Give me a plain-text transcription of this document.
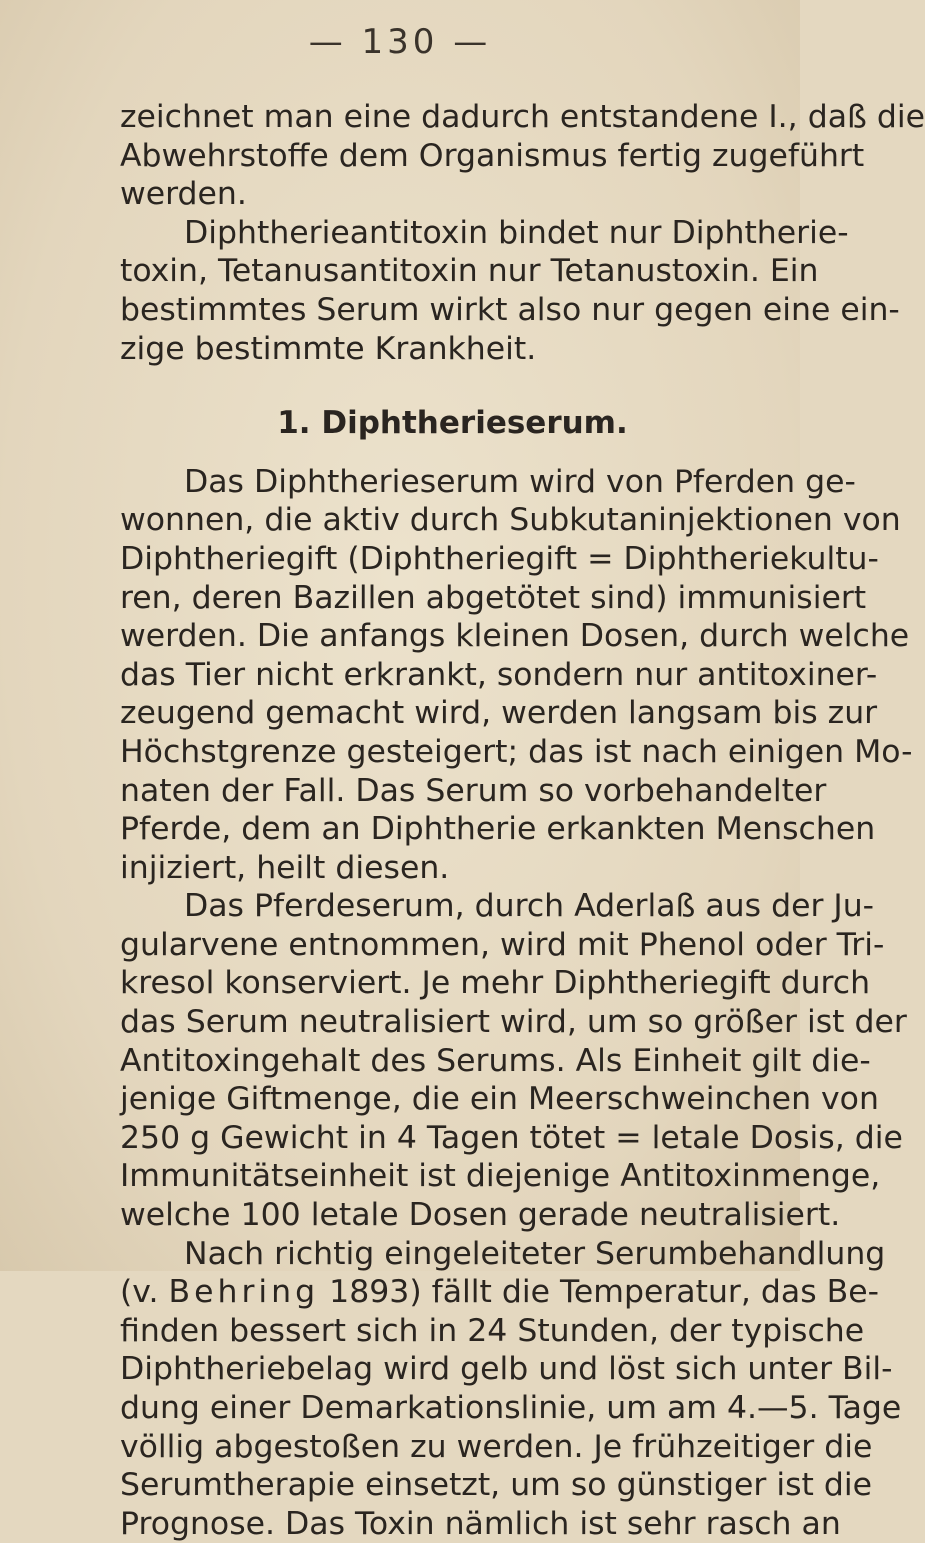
— 130 —
zeichnet man eine dadurch entstandene I., daß die
Abwehrstoffe dem Organismus fertig zugeführt
werden.
Diphtherieantitoxin bindet nur Diphtherie-
toxin, Tetanusantitoxin nur Tetanustoxin. Ein
bestimmtes Serum wirkt also nur gegen eine ein-
zige bestimmte Krankheit.
1. Diphtherieserum.
Das Diphtherieserum wird von Pferden ge-
wonnen, die aktiv durch Subkutaninjektionen von
Diphtheriegift (Diphtheriegift = Diphtheriekultu-
ren, deren Bazillen abgetötet sind) immunisiert
werden. Die anfangs kleinen Dosen, durch welche
das Tier nicht erkrankt, sondern nur antitoxiner-
zeugend gemacht wird, werden langsam bis zur
Höchstgrenze gesteigert; das ist nach einigen Mo-
naten der Fall. Das Serum so vorbehandelter
Pferde, dem an Diphtherie erkankten Menschen
injiziert, heilt diesen.
Das Pferdeserum, durch Aderlaß aus der Ju-
gularvene entnommen, wird mit Phenol oder Tri-
kresol konserviert. Je mehr Diphtheriegift durch
das Serum neutralisiert wird, um so größer ist der
Antitoxingehalt des Serums. Als Einheit gilt die-
jenige Giftmenge, die ein Meerschweinchen von
250 g Gewicht in 4 Tagen tötet = letale Dosis, die
Immunitätseinheit ist diejenige Antitoxinmenge,
welche 100 letale Dosen gerade neutralisiert.
Nach richtig eingeleiteter Serumbehandlung
(v. Behring 1893) fällt die Temperatur, das Be-
finden bessert sich in 24 Stunden, der typische
Diphtheriebelag wird gelb und löst sich unter Bil-
dung einer Demarkationslinie, um am 4.—5. Tage
völlig abgestoßen zu werden. Je frühzeitiger die
Serumtherapie einsetzt, um so günstiger ist die
Prognose. Das Toxin nämlich ist sehr rasch an
